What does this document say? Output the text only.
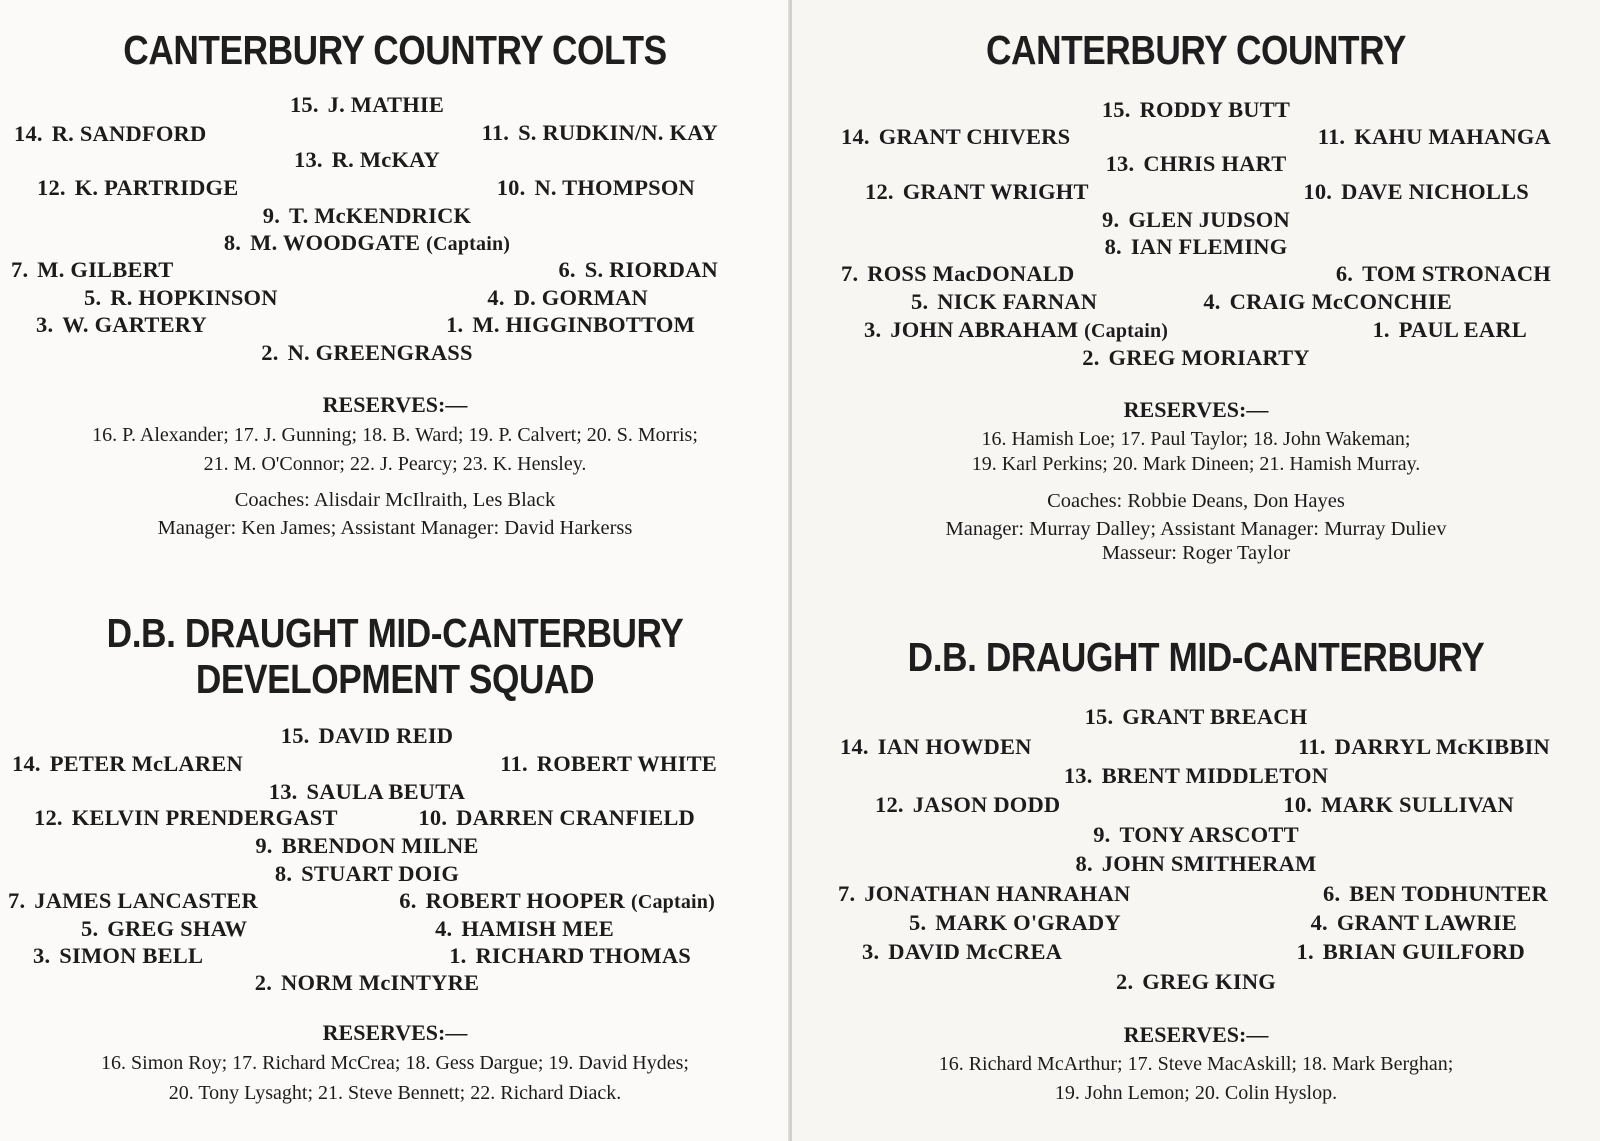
CANTERBURY COUNTRY COLTS
15. J. MATHIE
14. R. SANDFORD	11. S. RUDKIN/N. KAY
13. R. McKAY
12. K. PARTRIDGE	10. N. THOMPSON
9. T. McKENDRICK
8. M. WOODGATE (Captain)
7. M. GILBERT	6. S. RIORDAN
5. R. HOPKINSON	4. D. GORMAN
3. W. GARTERY	1. M. HIGGINBOTTOM
2. N. GREENGRASS
RESERVES:—
16. P. Alexander; 17. J. Gunning; 18. B. Ward; 19. P. Calvert; 20. S. Morris;
21. M. O'Connor; 22. J. Pearcy; 23. K. Hensley.
Coaches: Alisdair McIlraith, Les Black
Manager: Ken James; Assistant Manager: David Harkerss
D.B. DRAUGHT MID-CANTERBURY
DEVELOPMENT SQUAD
15. DAVID REID
14. PETER McLAREN	11. ROBERT WHITE
13. SAULA BEUTA
12. KELVIN PRENDERGAST	10. DARREN CRANFIELD
9. BRENDON MILNE
8. STUART DOIG
7. JAMES LANCASTER	6. ROBERT HOOPER (Captain)
5. GREG SHAW	4. HAMISH MEE
3. SIMON BELL	1. RICHARD THOMAS
2. NORM McINTYRE
RESERVES:—
16. Simon Roy; 17. Richard McCrea; 18. Gess Dargue; 19. David Hydes;
20. Tony Lysaght; 21. Steve Bennett; 22. Richard Diack.
CANTERBURY COUNTRY
15. RODDY BUTT
14. GRANT CHIVERS	11. KAHU MAHANGA
13. CHRIS HART
12. GRANT WRIGHT	10. DAVE NICHOLLS
9. GLEN JUDSON
8. IAN FLEMING
7. ROSS MacDONALD	6. TOM STRONACH
5. NICK FARNAN	4. CRAIG McCONCHIE
3. JOHN ABRAHAM (Captain)	1. PAUL EARL
2. GREG MORIARTY
RESERVES:—
16. Hamish Loe; 17. Paul Taylor; 18. John Wakeman;
19. Karl Perkins; 20. Mark Dineen; 21. Hamish Murray.
Coaches: Robbie Deans, Don Hayes
Manager: Murray Dalley; Assistant Manager: Murray Duliev
Masseur: Roger Taylor
D.B. DRAUGHT MID-CANTERBURY
15. GRANT BREACH
14. IAN HOWDEN	11. DARRYL McKIBBIN
13. BRENT MIDDLETON
12. JASON DODD	10. MARK SULLIVAN
9. TONY ARSCOTT
8. JOHN SMITHERAM
7. JONATHAN HANRAHAN	6. BEN TODHUNTER
5. MARK O'GRADY	4. GRANT LAWRIE
3. DAVID McCREA	1. BRIAN GUILFORD
2. GREG KING
RESERVES:—
16. Richard McArthur; 17. Steve MacAskill; 18. Mark Berghan;
19. John Lemon; 20. Colin Hyslop.
